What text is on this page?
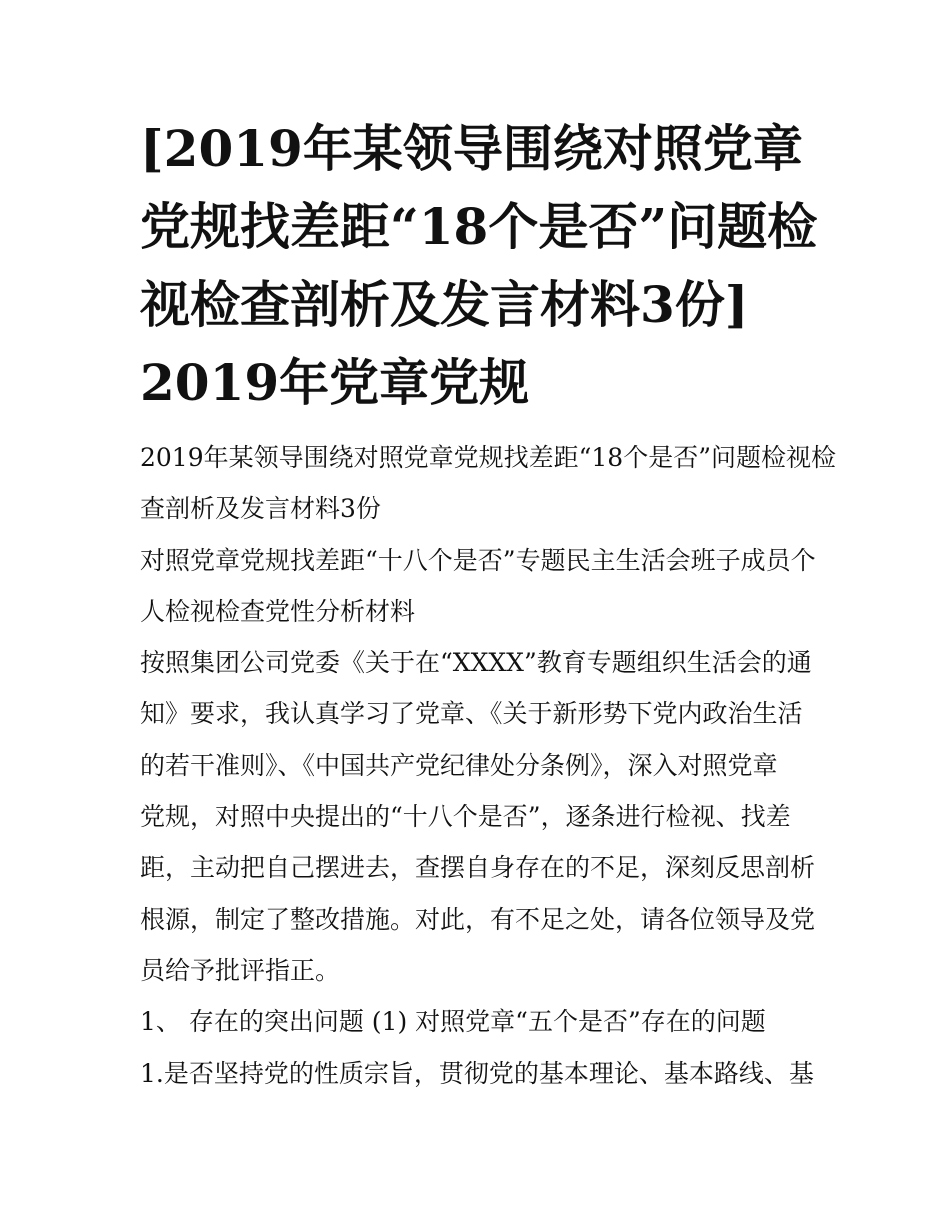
[2019年某领导围绕对照党章
党规找差距“18个是否”问题检
视检查剖析及发言材料3份]
2019年党章党规
2019年某领导围绕对照党章党规找差距“18个是否”问题检视检
查剖析及发言材料3份
对照党章党规找差距“十八个是否”专题民主生活会班子成员个
人检视检查党性分析材料
按照集团公司党委《关于在“XXXX”教育专题组织生活会的通
知》要求，我认真学习了党章、《关于新形势下党内政治生活
的若干准则》、《中国共产党纪律处分条例》，深入对照党章
党规，对照中央提出的“十八个是否”，逐条进行检视、找差
距，主动把自己摆进去，查摆自身存在的不足，深刻反思剖析
根源，制定了整改措施。对此，有不足之处，请各位领导及党
员给予批评指正。
1、 存在的突出问题 (1) 对照党章“五个是否”存在的问题
1.是否坚持党的性质宗旨，贯彻党的基本理论、基本路线、基
